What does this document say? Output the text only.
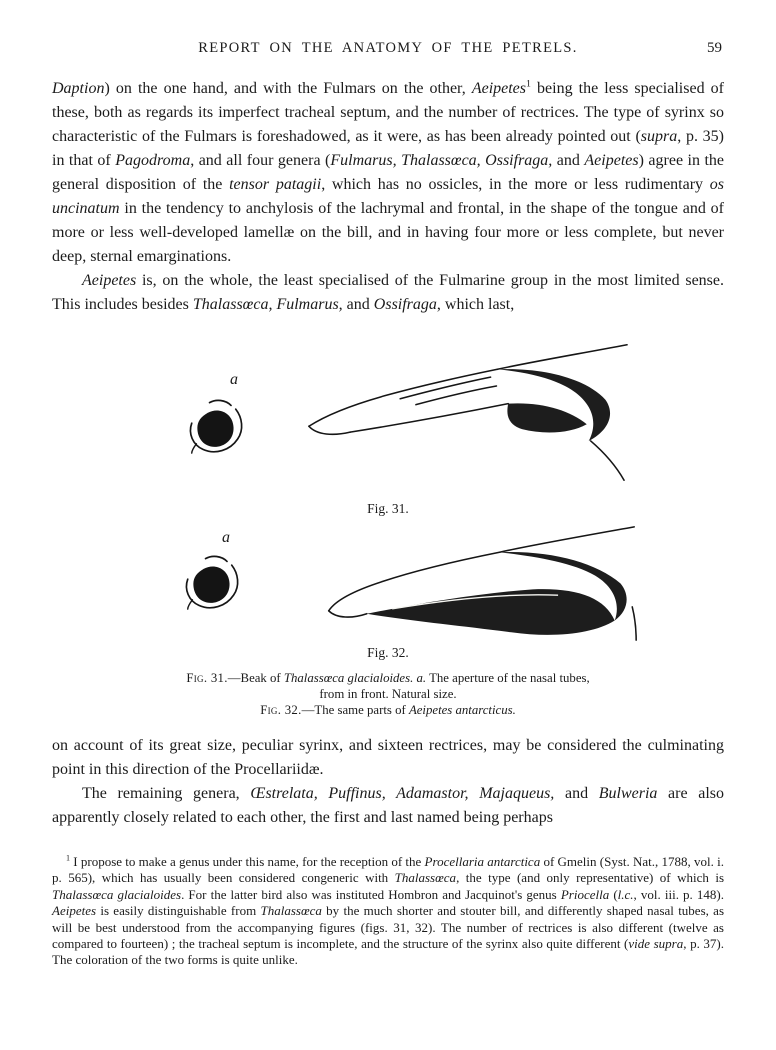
REPORT ON THE ANATOMY OF THE PETRELS.	59

Daption) on the one hand, and with the Fulmars on the other, Aeipetes$^1$ being the less specialised of these, both as regards its imperfect tracheal septum, and the number of rectrices. The type of syrinx so characteristic of the Fulmars is foreshadowed, as it were, as has been already pointed out (supra, p. 35) in that of Pagodroma, and all four genera (Fulmarus, Thalassœca, Ossifraga, and Aeipetes) agree in the general disposition of the tensor patagii, which has no ossicles, in the more or less rudimentary os uncinatum in the tendency to anchylosis of the lachrymal and frontal, in the shape of the tongue and of more or less well-developed lamellæ on the bill, and in having four more or less complete, but never deep, sternal emarginations.

Aeipetes is, on the whole, the least specialised of the Fulmarine group in the most limited sense. This includes besides Thalassœca, Fulmarus, and Ossifraga, which last,

a
Fig. 31.
a
Fig. 32.
Fig. 31.—Beak of Thalassœca glacialoides. a. The aperture of the nasal tubes,
from in front. Natural size.
Fig. 32.—The same parts of Aeipetes antarcticus.

on account of its great size, peculiar syrinx, and sixteen rectrices, may be considered the culminating point in this direction of the Procellariidæ.

The remaining genera, Œstrelata, Puffinus, Adamastor, Majaqueus, and Bulweria are also apparently closely related to each other, the first and last named being perhaps

$^1$ I propose to make a genus under this name, for the reception of the Procellaria antarctica of Gmelin (Syst. Nat., 1788, vol. i. p. 565), which has usually been considered congeneric with Thalassœca, the type (and only representative) of which is Thalassœca glacialoides. For the latter bird also was instituted Hombron and Jacquinot's genus Priocella (l.c., vol. iii. p. 148). Aeipetes is easily distinguishable from Thalassœca by the much shorter and stouter bill, and differently shaped nasal tubes, as will be best understood from the accompanying figures (figs. 31, 32). The number of rectrices is also different (twelve as compared to fourteen) ; the tracheal septum is incomplete, and the structure of the syrinx also quite different (vide supra, p. 37). The coloration of the two forms is quite unlike.
